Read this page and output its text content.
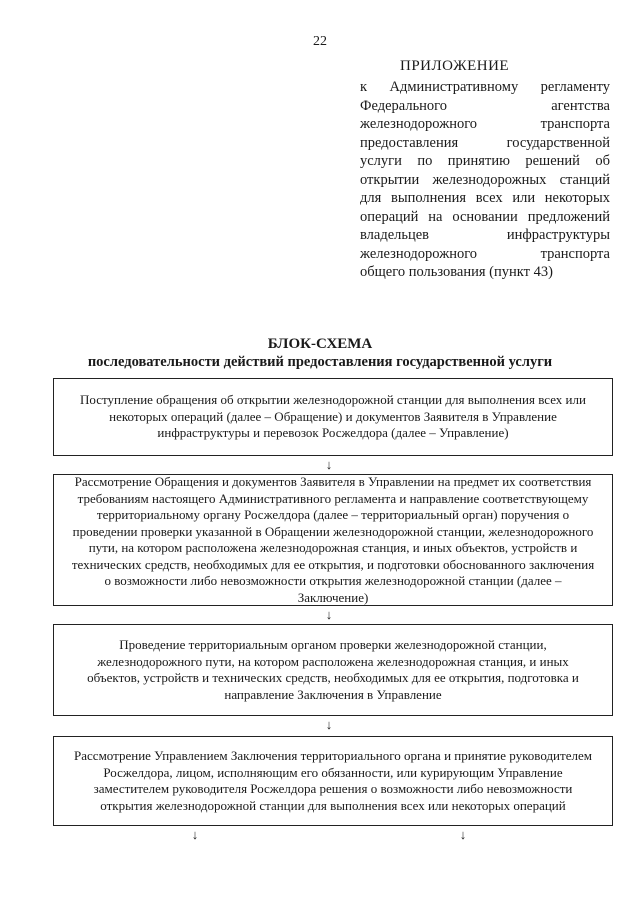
22
ПРИЛОЖЕНИЕ
к Административному регламенту
Федерального агентства
железнодорожного транспорта
предоставления государственной
услуги по принятию решений об
открытии железнодорожных станций
для выполнения всех или некоторых
операций на основании предложений
владельцев инфраструктуры
железнодорожного транспорта
общего пользования (пункт 43)
БЛОК-СХЕМА
последовательности действий предоставления государственной услуги
Поступление обращения об открытии железнодорожной станции для выполнения всех или некоторых операций (далее – Обращение) и документов Заявителя в Управление инфраструктуры и перевозок Росжелдора (далее – Управление)
↓
Рассмотрение Обращения и документов Заявителя в Управлении на предмет их соответствия требованиям настоящего Административного регламента и направление соответствующему территориальному органу Росжелдора (далее – территориальный орган) поручения о проведении проверки указанной в Обращении железнодорожной станции, железнодорожного пути, на котором расположена железнодорожная станция, и иных объектов, устройств и технических средств, необходимых для ее открытия, и подготовки обоснованного заключения о возможности либо невозможности открытия железнодорожной станции (далее – Заключение)
↓
Проведение территориальным органом проверки железнодорожной станции, железнодорожного пути, на котором расположена железнодорожная станция, и иных объектов, устройств и технических средств, необходимых для ее открытия, подготовка и направление Заключения в Управление
↓
Рассмотрение Управлением Заключения территориального органа и принятие руководителем Росжелдора, лицом, исполняющим его обязанности, или курирующим Управление заместителем руководителя Росжелдора решения о возможности либо невозможности открытия железнодорожной станции для выполнения всех или некоторых операций
↓	↓
